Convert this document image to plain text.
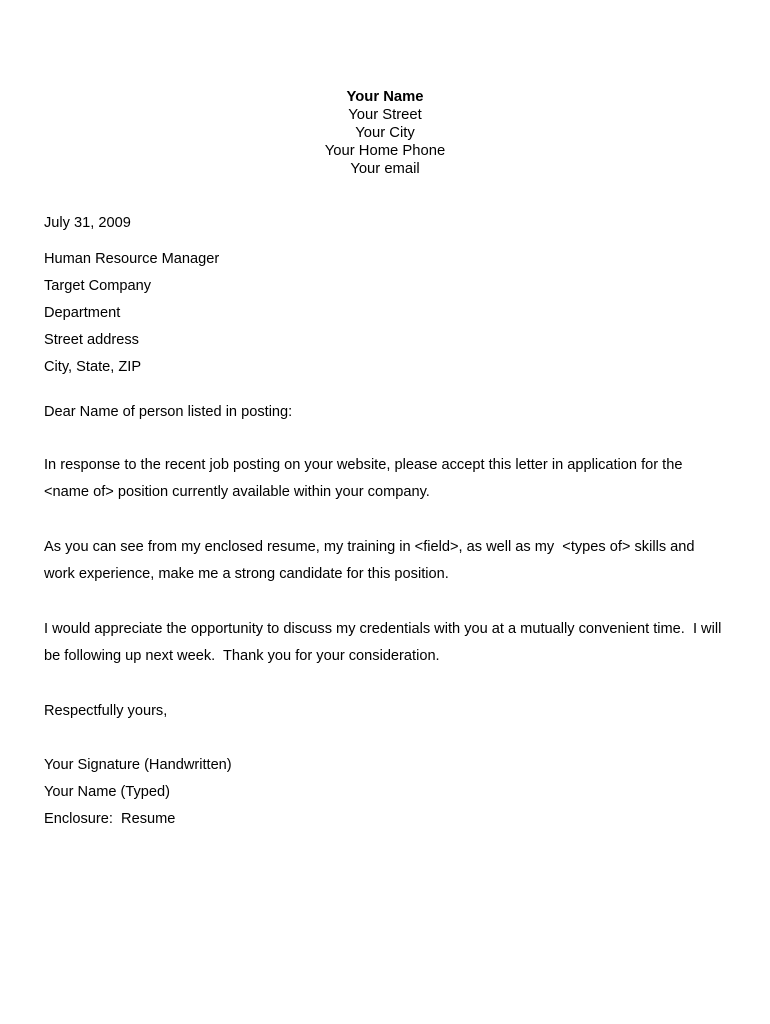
Your Name
Your Street
Your City
Your Home Phone
Your email
July 31, 2009
Human Resource Manager
Target Company
Department
Street address
City, State, ZIP
Dear Name of person listed in posting:
In response to the recent job posting on your website, please accept this letter in application for the <name of> position currently available within your company.
As you can see from my enclosed resume, my training in <field>, as well as my  <types of> skills and work experience, make me a strong candidate for this position.
I would appreciate the opportunity to discuss my credentials with you at a mutually convenient time.  I will be following up next week.  Thank you for your consideration.
Respectfully yours,
Your Signature (Handwritten)
Your Name (Typed)
Enclosure:  Resume
